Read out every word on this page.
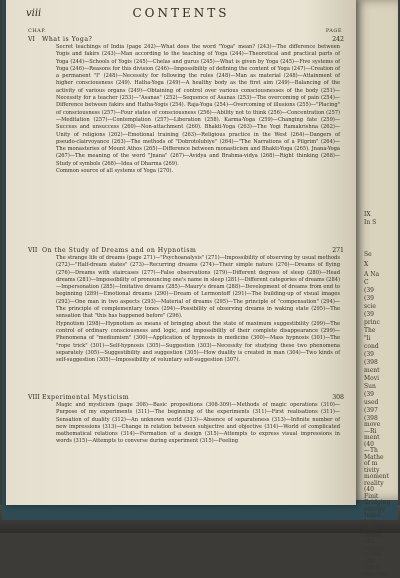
IX
In S
Se
X
A Na
C
(39
(39
scie
(39
princ
The
"li
cond
(39
(398
ment
Movi
Sun
(39
used
(397
(398
move
—Ri
ment
(40
—Th
Mathe
of m
tivity
moment
reality
(40
Finit
Bridging
energy
Index
Inten
(403
Inden
(40
saying
to the
(40
the c
dimensi
viii	CONTENTS
CHAP.	PAGE
VI What is Yoga?	242

Secret teachings of India (page 242)—What does the word "Yoga" mean? (243)—The difference between Yogis and fakirs (243)—Man according to the teaching of Yoga (244)—Theoretical and practical parts of Yoga (244)—Schools of Yogis (245)—Chelas and gurus (245)—What is given by Yoga (245)—Five systems of Yoga (246)—Reasons for this division (246)—Impossibility of defining the content of Yoga (247)—Creation of a permanent "I" (248)—Necessity for following the rules (248)—Man as material (248)—Attainment of higher consciousness (249). Hatha-Yoga (249)—A healthy body as the first aim (249)—Balancing of the activity of various organs (249)—Obtaining of control over various consciousnesses of the body (251)—Necessity for a teacher (253)—"Asanas" (252)—Sequence of Asanas (253)—The overcoming of pain (254)—Difference between fakirs and Hatha-Yogis (254). Raja-Yoga (254)—Overcoming of illusions (255)—"Placing" of consciousness (257)—Four states of consciousness (256)—Ability not to think (256)—Concentration (257)—Meditation (257)—Contemplation (257)—Liberation (258). Karma-Yoga (259)—Changing fate (259)—Success and unsuccess (260)—Non-attachment (260). Bhakti-Yoga (263)—The Yogi Ramakrishna (262)—Unity of religions (262)—Emotional training (263)—Religious practice in the West (264)—Dangers of pseudo-clairvoyance (263)—The methods of "Dobrotolubiye" (264)—"The Narrations of a Pilgrim" (264)—The monasteries of Mount Athos (265)—Difference between monasticism and Bhakti-Yoga (265). Jnana-Yoga (267)—The meaning of the word "Jnana" (267)—Avidya and Brahma-vidya (268)—Right thinking (268)—Study of symbols (268)—Idea of Dharma (269).

Common source of all systems of Yoga (270).

VII On the Study of Dreams and on Hypnotism	271

The strange life of dreams (page 271)—"Psychoanalysis" (271)—Impossibility of observing by usual methods (272)—"Half-dream states" (273)—Recurring dreams (274)—Their simple nature (276)—Dreams of flying (276)—Dreams with staircases (277)—False observations (279)—Different degrees of sleep (280)—Head dreams (281)—Impossibility of pronouncing one's name in sleep (281)—Different categories of dreams (284)—Impersonation (285)—Imitative dreams (285)—Maury's dream (288)—Development of dreams from end to beginning (289)—Emotional dreams (290)—Dream of Lermontoff (291)—The building-up of visual images (292)—One man in two aspects (293)—Material of dreams (295)—The principle of "compensation" (294)—The principle of complementary tones (294)—Possibility of observing dreams in waking state (295)—The sensation that "this has happened before" (296).

Hypnotism (298)—Hypnotism as means of bringing about the state of maximum suggestibility (299)—The control of ordinary consciousness and logic, and impossibility of their complete disappearance (299)—Phenomena of "mediumism" (300)—Application of hypnosis in medicine (300)—Mass hypnosis (301)—The "rope trick" (301)—Self-hypnosis (305)—Suggestion (303)—Necessity for studying these two phenomena separately (305)—Suggestibility and suggestion (305)—How duality is created in man (304)—Two kinds of self-suggestion (305)—Impossibility of voluntary self-suggestion (307).

VIII Experimental Mysticism	308

Magic and mysticism (page 308)—Basic propositions (308-309)—Methods of magic operations (310)—Purpose of my experiments (311)—The beginning of the experiments (311)—First realisations (311)—Sensation of duality (312)—An unknown world (313)—Absence of separateness (313)—Infinite number of new impressions (313)—Change in relation between subjective and objective (314)—World of complicated mathematical relations (314)—Formation of a design (315)—Attempts to express visual impressions in words (315)—Attempts to converse during experiment (315)—Feeling
